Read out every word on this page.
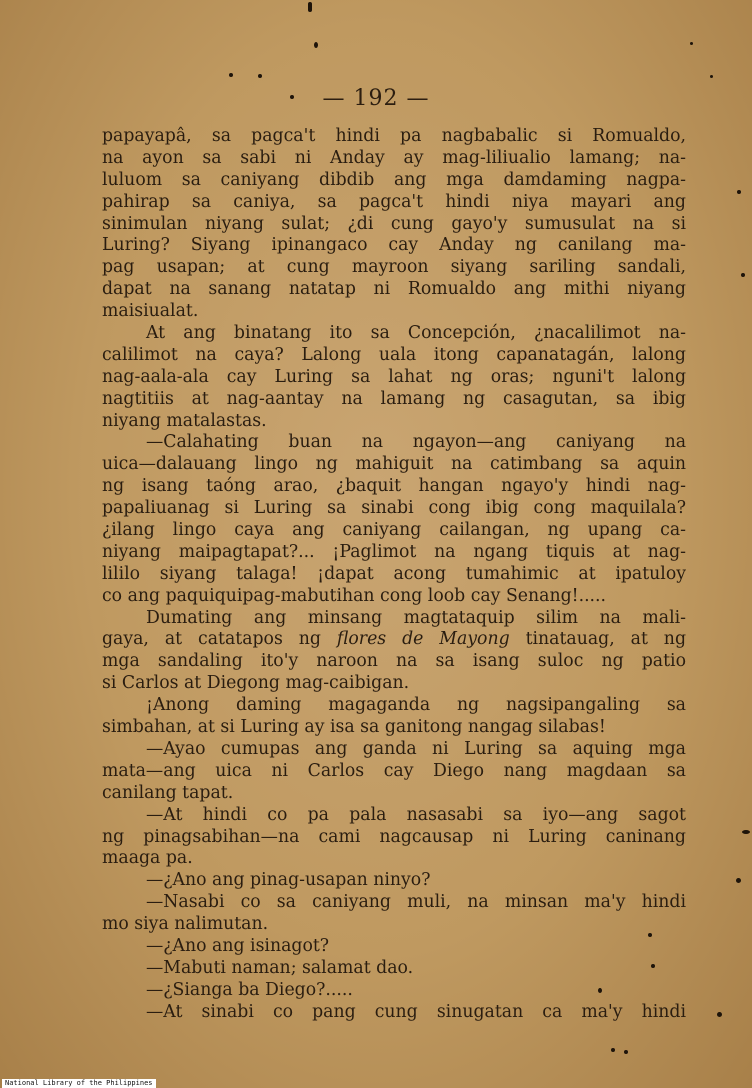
— 192 —
papayapâ, sa pagca't hindi pa nagbabalic si Romualdo,
na ayon sa sabi ni Anday ay mag-liliualio lamang; na-
luluom sa caniyang dibdib ang mga damdaming nagpa-
pahirap sa caniya, sa pagca't hindi niya mayari ang
sinimulan niyang sulat; ¿di cung gayo'y sumusulat na si
Luring? Siyang ipinangaco cay Anday ng canilang ma-
pag usapan; at cung mayroon siyang sariling sandali,
dapat na sanang natatap ni Romualdo ang mithi niyang
maisiualat.
At ang binatang ito sa Concepción, ¿nacalilimot na-
calilimot na caya? Lalong uala itong capanatagán, lalong
nag-aala-ala cay Luring sa lahat ng oras; nguni't lalong
nagtitiis at nag-aantay na lamang ng casagutan, sa ibig
niyang matalastas.
—Calahating buan na ngayon—ang caniyang na
uica—dalauang lingo ng mahiguit na catimbang sa aquin
ng isang taóng arao, ¿baquit hangan ngayo'y hindi nag-
papaliuanag si Luring sa sinabi cong ibig cong maquilala?
¿ilang lingo caya ang caniyang cailangan, ng upang ca-
niyang maipagtapat?... ¡Paglimot na ngang tiquis at nag-
lililo siyang talaga! ¡dapat acong tumahimic at ipatuloy
co ang paquiquipag-mabutihan cong loob cay Senang!.....
Dumating ang minsang magtataquip silim na mali-
gaya, at catatapos ng flores de Mayong tinatauag, at ng
mga sandaling ito'y naroon na sa isang suloc ng patio
si Carlos at Diegong mag-caibigan.
¡Anong daming magaganda ng nagsipangaling sa
simbahan, at si Luring ay isa sa ganitong nangag silabas!
—Ayao cumupas ang ganda ni Luring sa aquing mga
mata—ang uica ni Carlos cay Diego nang magdaan sa
canilang tapat.
—At hindi co pa pala nasasabi sa iyo—ang sagot
ng pinagsabihan—na cami nagcausap ni Luring caninang
maaga pa.
—¿Ano ang pinag-usapan ninyo?
—Nasabi co sa caniyang muli, na minsan ma'y hindi
mo siya nalimutan.
—¿Ano ang isinagot?
—Mabuti naman; salamat dao.
—¿Sianga ba Diego?.....
—At sinabi co pang cung sinugatan ca ma'y hindi
National Library of the Philippines
